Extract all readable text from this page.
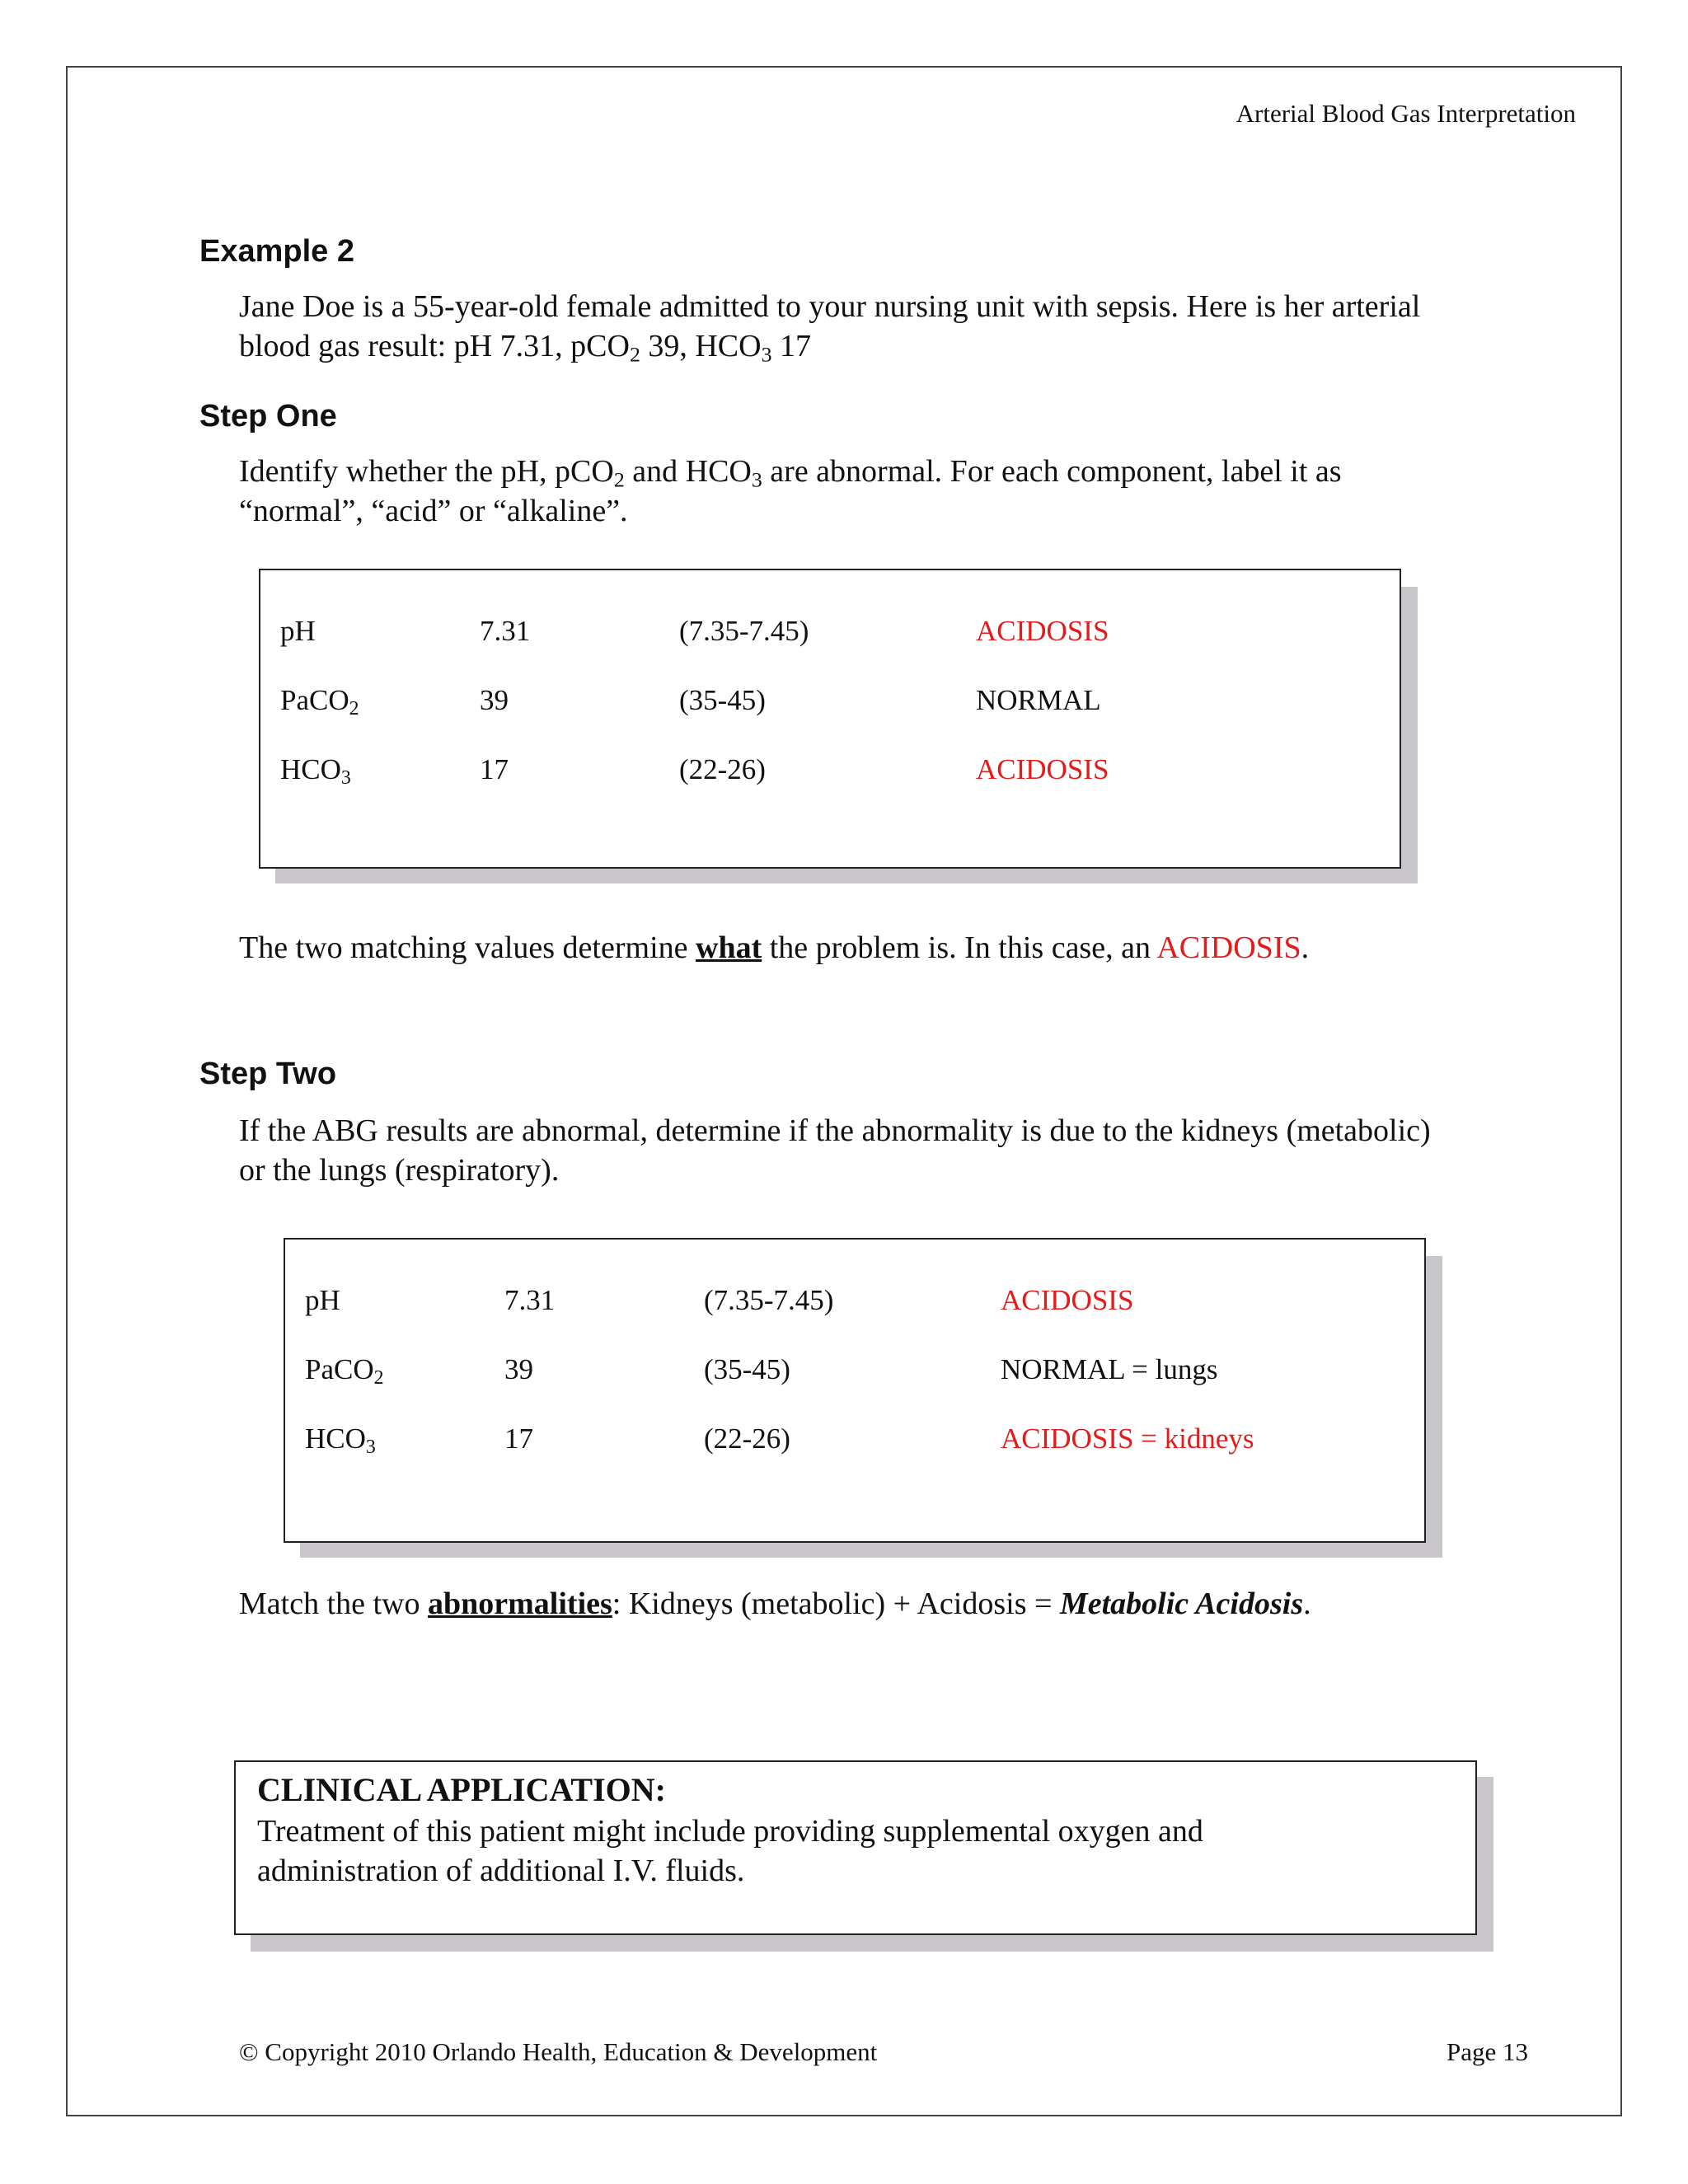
Arterial Blood Gas Interpretation
Example 2
Jane Doe is a 55-year-old female admitted to your nursing unit with sepsis. Here is her arterial
blood gas result: pH 7.31, pCO$_2$ 39, $HCO_3$ 17
Step One
Identify whether the pH, pCO$_2$ and $HCO_3$ are abnormal. For each component, label it as
“normal”, “acid” or “alkaline”.
pH	7.31	(7.35-7.45)	ACIDOSIS
PaCO$_2$	39	(35-45)	NORMAL
$HCO_3$	17	(22-26)	ACIDOSIS
The two matching values determine what the problem is. In this case, an ACIDOSIS.
Step Two
If the ABG results are abnormal, determine if the abnormality is due to the kidneys (metabolic)
or the lungs (respiratory).
pH	7.31	(7.35-7.45)	ACIDOSIS
PaCO$_2$	39	(35-45)	NORMAL = lungs
$HCO_3$	17	(22-26)	ACIDOSIS = kidneys
Match the two abnormalities: Kidneys (metabolic) + Acidosis = Metabolic Acidosis.
CLINICAL APPLICATION:
Treatment of this patient might include providing supplemental oxygen and
administration of additional I.V. fluids.
© Copyright 2010 Orlando Health, Education & Development	Page 13
